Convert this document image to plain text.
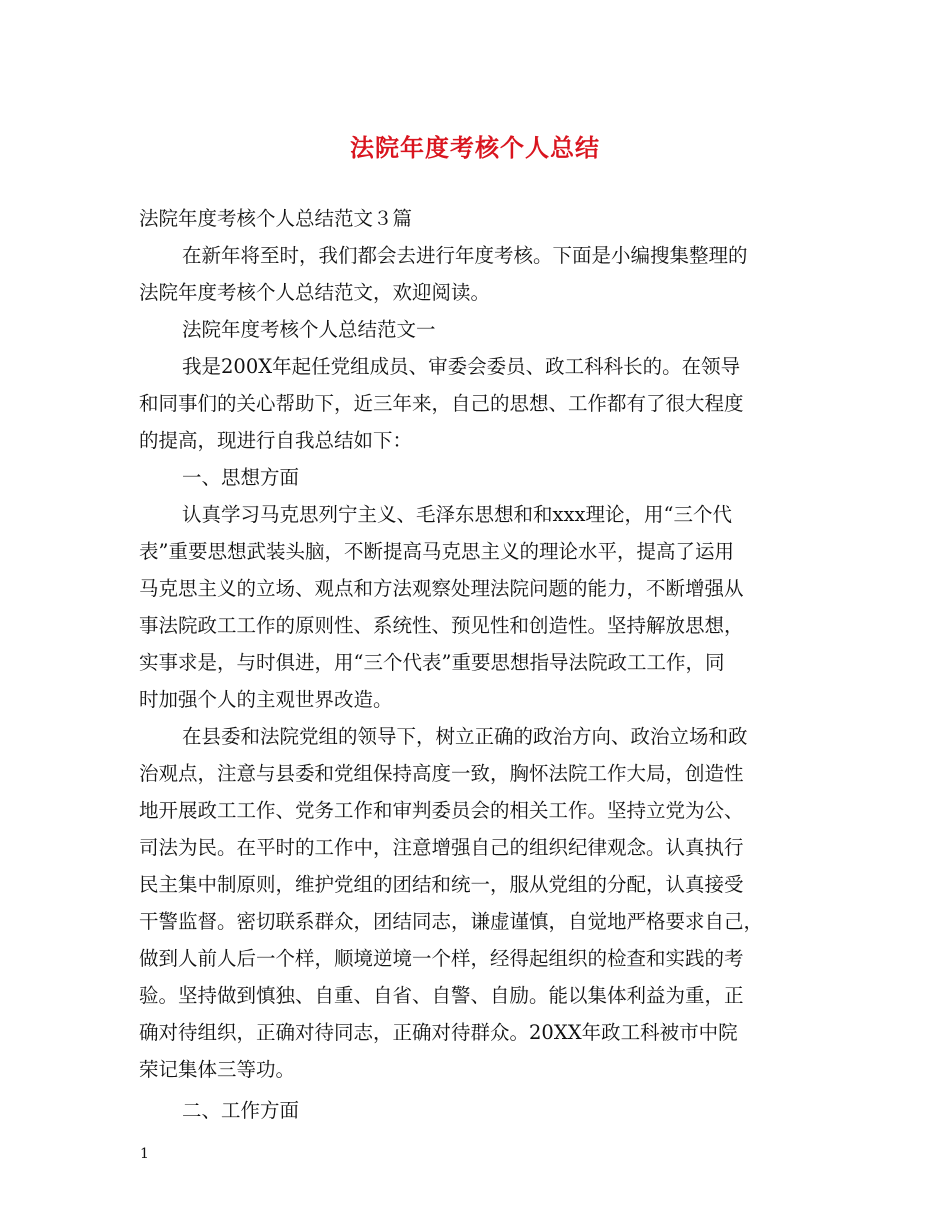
法院年度考核个人总结
法院年度考核个人总结范文３篇
在新年将至时，我们都会去进行年度考核。下面是小编搜集整理的
法院年度考核个人总结范文，欢迎阅读。
法院年度考核个人总结范文一
我是200X年起任党组成员、审委会委员、政工科科长的。在领导
和同事们的关心帮助下，近三年来，自己的思想、工作都有了很大程度
的提高，现进行自我总结如下：
一、思想方面
认真学习马克思列宁主义、毛泽东思想和和xxx理论，用“三个代
表”重要思想武装头脑，不断提高马克思主义的理论水平，提高了运用
马克思主义的立场、观点和方法观察处理法院问题的能力，不断增强从
事法院政工工作的原则性、系统性、预见性和创造性。坚持解放思想，
实事求是，与时俱进，用“三个代表”重要思想指导法院政工工作，同
时加强个人的主观世界改造。
在县委和法院党组的领导下，树立正确的政治方向、政治立场和政
治观点，注意与县委和党组保持高度一致，胸怀法院工作大局，创造性
地开展政工工作、党务工作和审判委员会的相关工作。坚持立党为公、
司法为民。在平时的工作中，注意增强自己的组织纪律观念。认真执行
民主集中制原则，维护党组的团结和统一，服从党组的分配，认真接受
干警监督。密切联系群众，团结同志，谦虚谨慎，自觉地严格要求自己，
做到人前人后一个样，顺境逆境一个样，经得起组织的检查和实践的考
验。坚持做到慎独、自重、自省、自警、自励。能以集体利益为重，正
确对待组织，正确对待同志，正确对待群众。20XX年政工科被市中院
荣记集体三等功。
二、工作方面
1
